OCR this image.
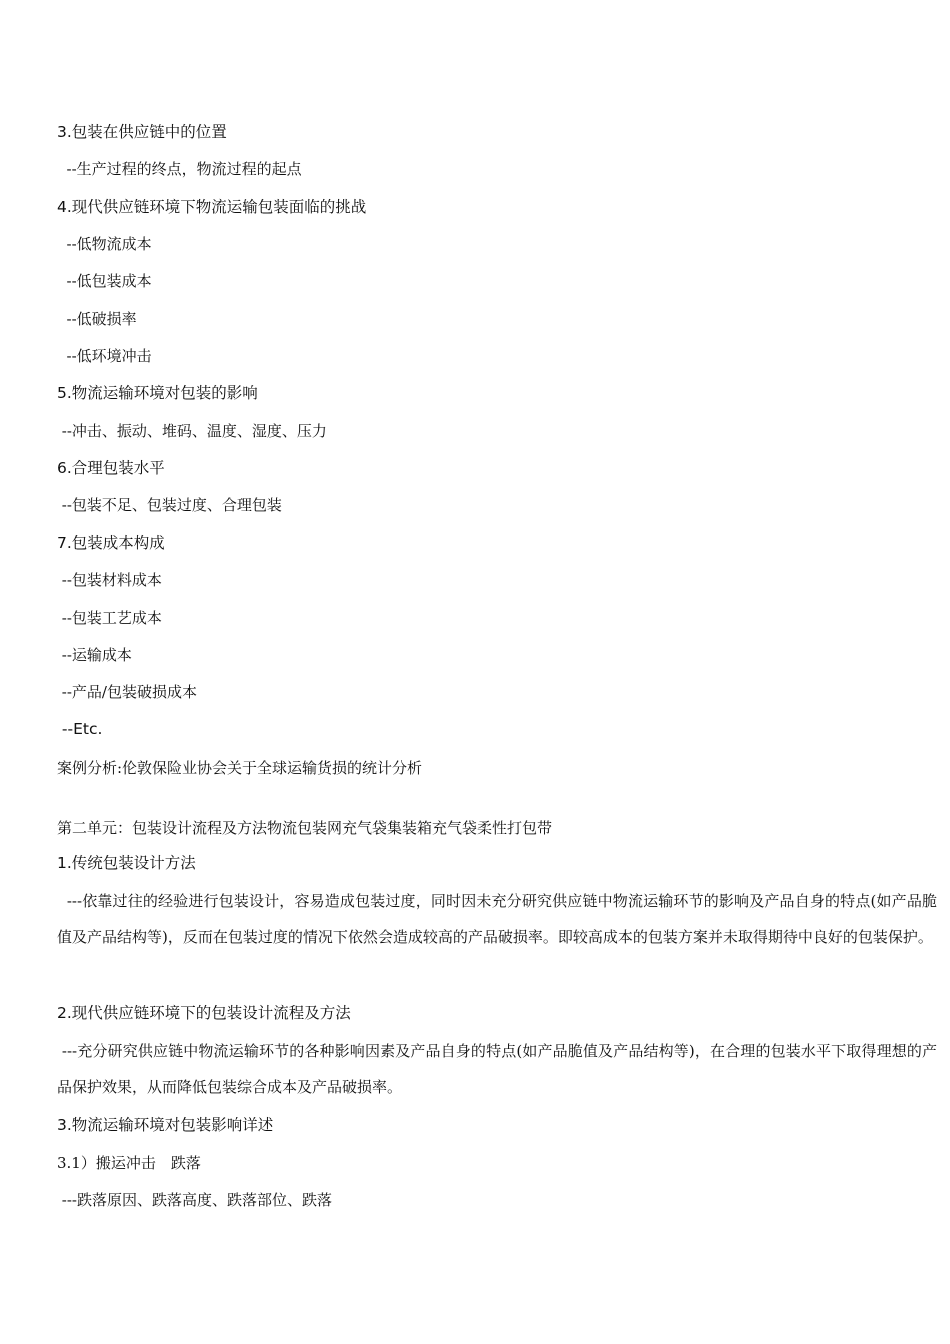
3.包装在供应链中的位置
--生产过程的终点，物流过程的起点
4.现代供应链环境下物流运输包装面临的挑战
--低物流成本
--低包装成本
--低破损率
--低环境冲击
5.物流运输环境对包装的影响
--冲击、振动、堆码、温度、湿度、压力
6.合理包装水平
--包装不足、包装过度、合理包装
7.包装成本构成
--包装材料成本
--包装工艺成本
--运输成本
--产品/包装破损成本
--Etc.
案例分析:伦敦保险业协会关于全球运输货损的统计分析
第二单元：包装设计流程及方法物流包装网充气袋集装箱充气袋柔性打包带
1.传统包装设计方法
---依靠过往的经验进行包装设计，容易造成包装过度，同时因未充分研究供应链中物流运输环节的影响及产品自身的特点(如产品脆值及产品结构等)，反而在包装过度的情况下依然会造成较高的产品破损率。即较高成本的包装方案并未取得期待中良好的包装保护。
2.现代供应链环境下的包装设计流程及方法
---充分研究供应链中物流运输环节的各种影响因素及产品自身的特点(如产品脆值及产品结构等)，在合理的包装水平下取得理想的产品保护效果，从而降低包装综合成本及产品破损率。
3.物流运输环境对包装影响详述
3.1）搬运冲击　跌落
---跌落原因、跌落高度、跌落部位、跌落
